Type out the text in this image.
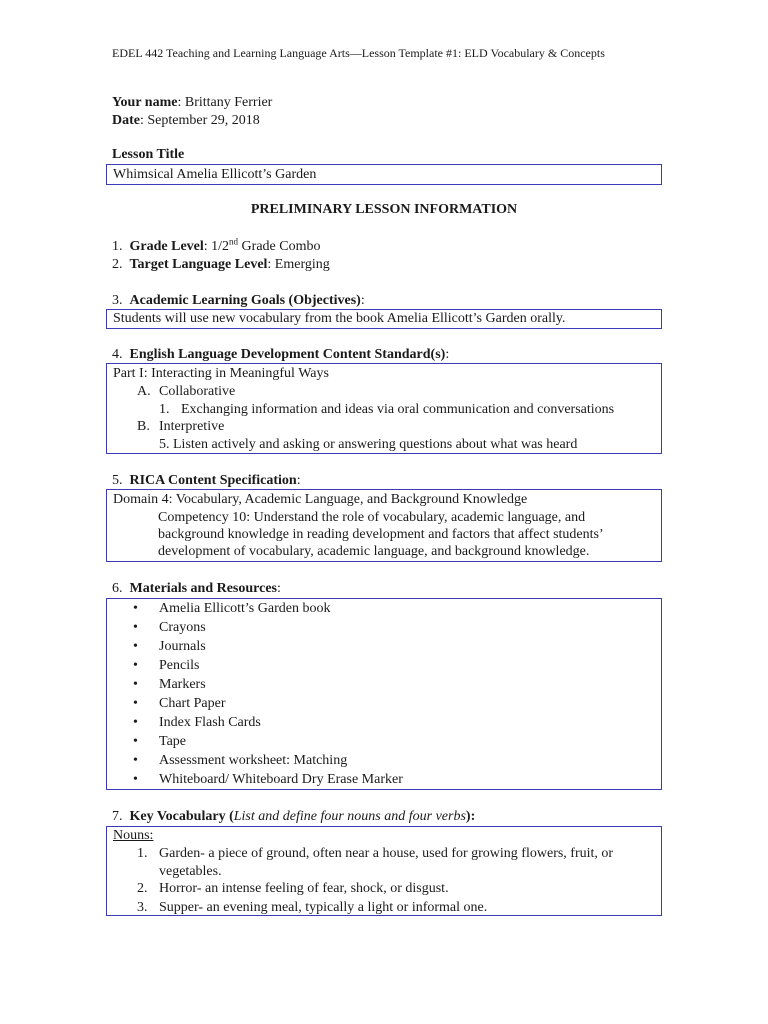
EDEL 442 Teaching and Learning Language Arts—Lesson Template #1: ELD Vocabulary & Concepts
Your name: Brittany Ferrier
Date: September 29, 2018
Lesson Title
Whimsical Amelia Ellicott’s Garden
PRELIMINARY LESSON INFORMATION
1. Grade Level: 1/2nd Grade Combo
2. Target Language Level: Emerging
3. Academic Learning Goals (Objectives):
Students will use new vocabulary from the book Amelia Ellicott’s Garden orally.
4. English Language Development Content Standard(s):
Part I: Interacting in Meaningful Ways
A. Collaborative
1. Exchanging information and ideas via oral communication and conversations
B. Interpretive
5. Listen actively and asking or answering questions about what was heard
5. RICA Content Specification:
Domain 4: Vocabulary, Academic Language, and Background Knowledge
Competency 10: Understand the role of vocabulary, academic language, and
background knowledge in reading development and factors that affect students’
development of vocabulary, academic language, and background knowledge.
6. Materials and Resources:
• Amelia Ellicott’s Garden book
• Crayons
• Journals
• Pencils
• Markers
• Chart Paper
• Index Flash Cards
• Tape
• Assessment worksheet: Matching
• Whiteboard/ Whiteboard Dry Erase Marker
7. Key Vocabulary (List and define four nouns and four verbs):
Nouns:
1. Garden- a piece of ground, often near a house, used for growing flowers, fruit, or
vegetables.
2. Horror- an intense feeling of fear, shock, or disgust.
3. Supper- an evening meal, typically a light or informal one.
